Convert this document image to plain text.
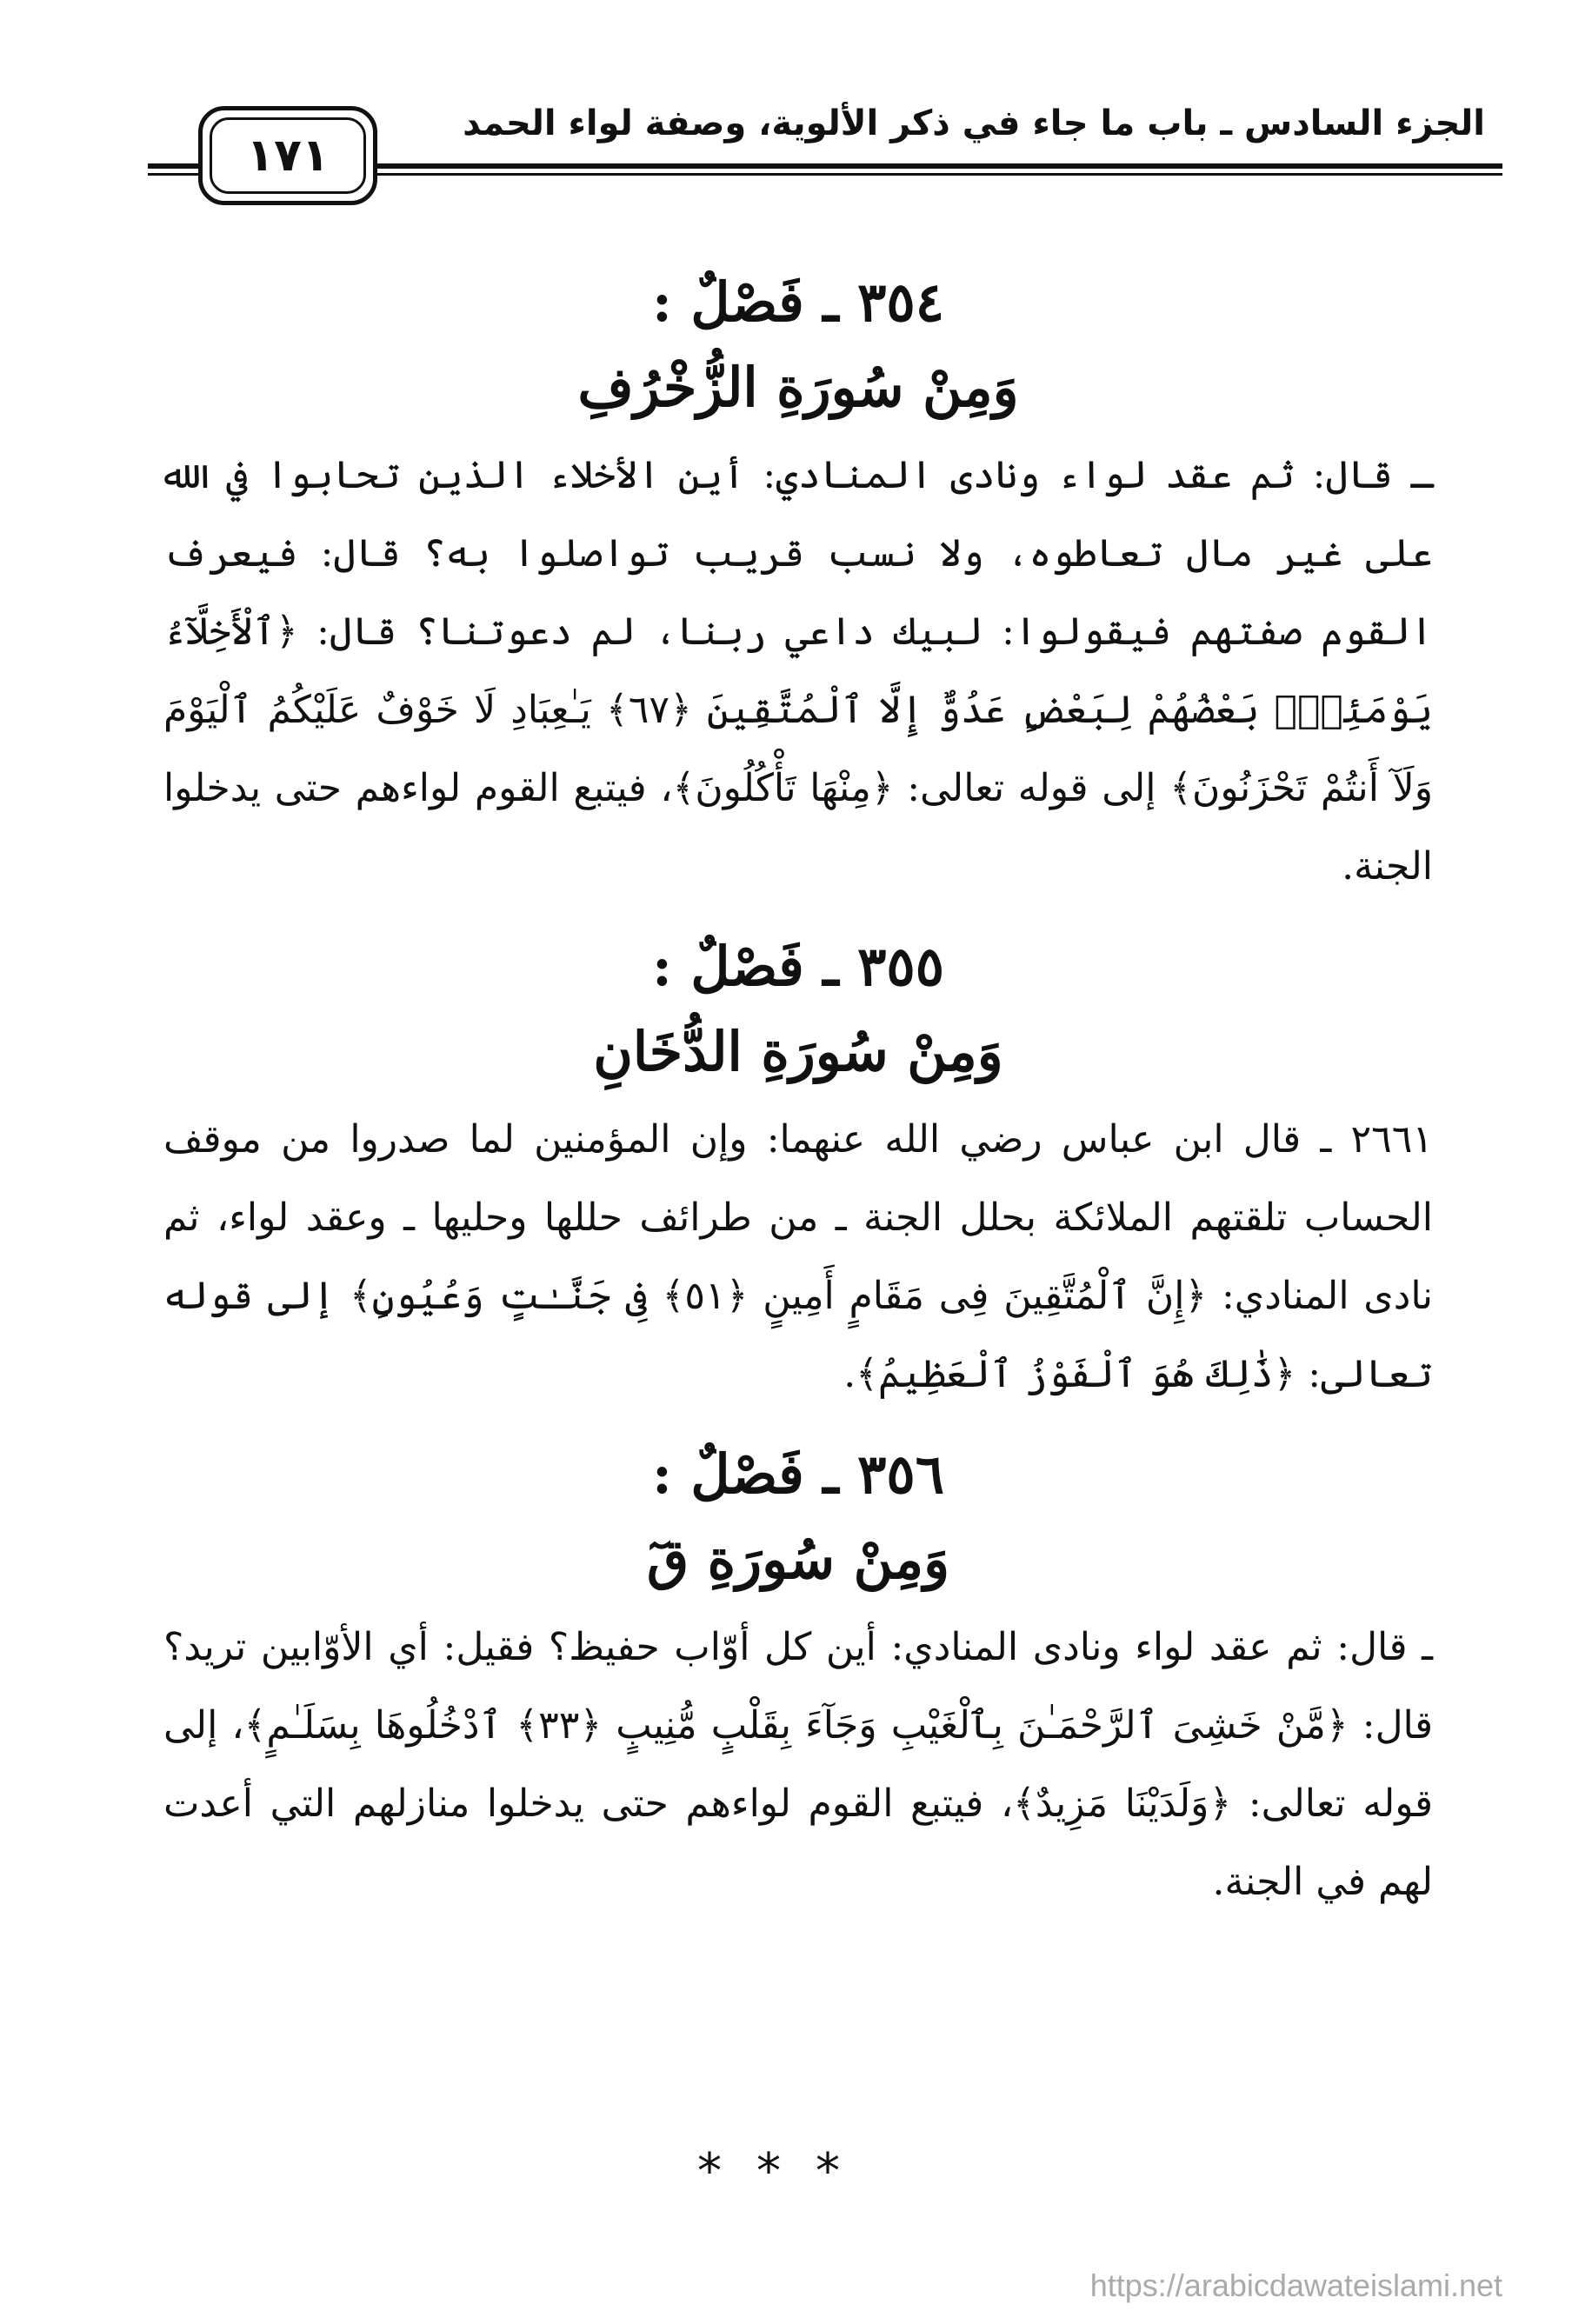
الجزء السادس ـ باب ما جاء في ذكر الألوية، وصفة لواء الحمد
١٧١
٣٥٤ ـ فَصْلٌ :
وَمِنْ سُورَةِ الزُّخْرُفِ

ـ قال: ثم عقد لواء ونادى المنادي: أين الأخلاء الذين تحابوا في الله على غير مال تعاطوه، ولا نسب قريب تواصلوا به؟ قال: فيعرف القوم صفتهم فيقولوا: لبيك داعي ربنا، لم دعوتنا؟ قال: ﴿ٱلْأَخِلَّآءُ يَوْمَئِذٍۭ بَعْضُهُمْ لِبَعْضٍ عَدُوٌّ إِلَّا ٱلْمُتَّقِينَ ﴿٦٧﴾ يَـٰعِبَادِ لَا خَوْفٌ عَلَيْكُمُ ٱلْيَوْمَ وَلَآ أَنتُمْ تَحْزَنُونَ﴾ إلى قوله تعالى: ﴿مِنْهَا تَأْكُلُونَ﴾، فيتبع القوم لواءهم حتى يدخلوا الجنة.

٣٥٥ ـ فَصْلٌ :
وَمِنْ سُورَةِ الدُّخَانِ

٢٦٦١ ـ قال ابن عباس رضي الله عنهما: وإن المؤمنين لما صدروا من موقف الحساب تلقتهم الملائكة بحلل الجنة ـ من طرائف حللها وحليها ـ وعقد لواء، ثم نادى المنادي: ﴿إِنَّ ٱلْمُتَّقِينَ فِى مَقَامٍ أَمِينٍ ﴿٥١﴾ فِى جَنَّـٰتٍ وَعُيُونٍ﴾ إلى قوله تعالى: ﴿ذَٰلِكَ هُوَ ٱلْفَوْزُ ٱلْعَظِيمُ﴾.

٣٥٦ ـ فَصْلٌ :
وَمِنْ سُورَةِ قٓ

ـ قال: ثم عقد لواء ونادى المنادي: أين كل أوّاب حفيظ؟ فقيل: أي الأوّابين تريد؟ قال: ﴿مَّنْ خَشِىَ ٱلرَّحْمَـٰنَ بِٱلْغَيْبِ وَجَآءَ بِقَلْبٍ مُّنِيبٍ ﴿٣٣﴾ ٱدْخُلُوهَا بِسَلَـٰمٍ﴾، إلى قوله تعالى: ﴿وَلَدَيْنَا مَزِيدٌ﴾، فيتبع القوم لواءهم حتى يدخلوا منازلهم التي أعدت لهم في الجنة.

***
https://arabicdawateislami.net
